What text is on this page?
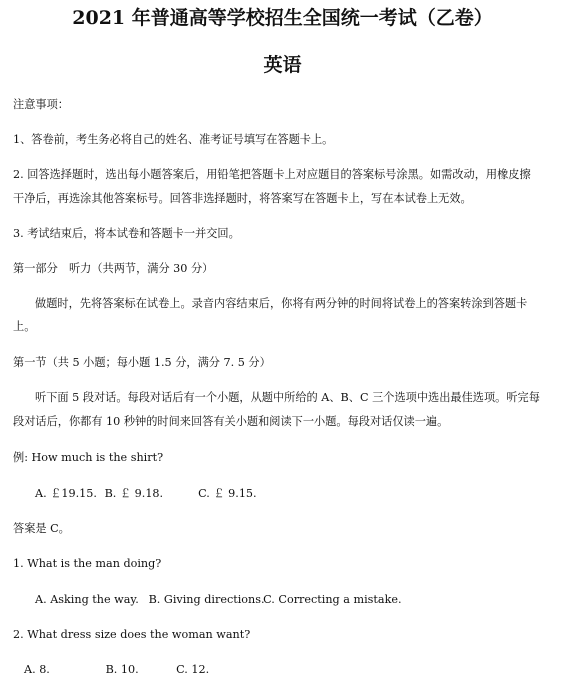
2021 年普通高等学校招生全国统一考试（乙卷）
英语
注意事项：
1、答卷前，考生务必将自己的姓名、准考证号填写在答题卡上。
2. 回答选择题时，选出每小题答案后，用铅笔把答题卡上对应题目的答案标号涂黑。如需改动，用橡皮擦
干净后，再选涂其他答案标号。回答非选择题时，将答案写在答题卡上，写在本试卷上无效。
3. 考试结束后，将本试卷和答题卡一并交回。
第一部分　听力（共两节，满分 30 分）
做题时，先将答案标在试卷上。录音内容结束后，你将有两分钟的时间将试卷上的答案转涂到答题卡
上。
第一节（共 5 小题；每小题 1.5 分，满分 7. 5 分）
听下面 5 段对话。每段对话后有一个小题，从题中所给的 A、B、C 三个选项中选出最佳选项。听完每
段对话后，你都有 10 秒钟的时间来回答有关小题和阅读下一小题。每段对话仅读一遍。
例: How much is the shirt?
A. ￡19.15. B. ￡ 9.18.	C. ￡ 9.15.
答案是 C。
1. What is the man doing?
A. Asking the way. B. Giving directions. C. Correcting a mistake.
2. What dress size does the woman want?
A. 8.	B. 10.	C. 12.
